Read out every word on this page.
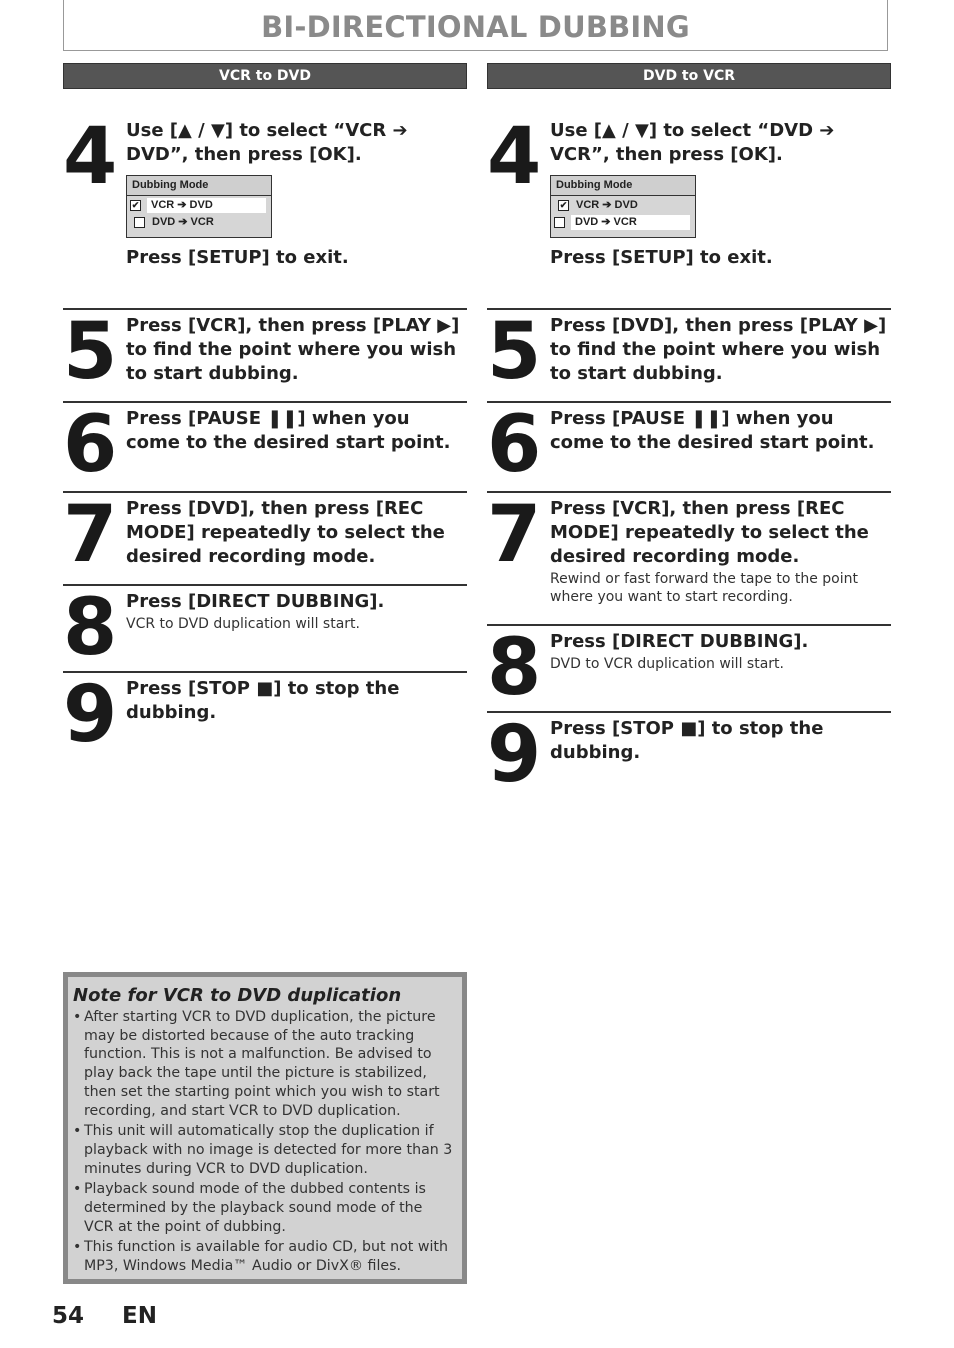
BI-DIRECTIONAL DUBBING
VCR to DVD
4 Use [▲ / ▼] to select “VCR ➔ DVD”, then press [OK].
Dubbing Mode
✔ VCR ➔ DVD
DVD ➔ VCR
Press [SETUP] to exit.
5 Press [VCR], then press [PLAY ▶] to find the point where you wish to start dubbing.
6 Press [PAUSE ❚❚] when you come to the desired start point.
7 Press [DVD], then press [REC MODE] repeatedly to select the desired recording mode.
8 Press [DIRECT DUBBING].
VCR to DVD duplication will start.
9 Press [STOP ■] to stop the dubbing.
DVD to VCR
4 Use [▲ / ▼] to select “DVD ➔ VCR”, then press [OK].
Dubbing Mode
✔ VCR ➔ DVD
DVD ➔ VCR
Press [SETUP] to exit.
5 Press [DVD], then press [PLAY ▶] to find the point where you wish to start dubbing.
6 Press [PAUSE ❚❚] when you come to the desired start point.
7 Press [VCR], then press [REC MODE] repeatedly to select the desired recording mode.
Rewind or fast forward the tape to the point where you want to start recording.
8 Press [DIRECT DUBBING].
DVD to VCR duplication will start.
9 Press [STOP ■] to stop the dubbing.
Note for VCR to DVD duplication
• After starting VCR to DVD duplication, the picture may be distorted because of the auto tracking function. This is not a malfunction. Be advised to play back the tape until the picture is stabilized, then set the starting point which you wish to start recording, and start VCR to DVD duplication.
• This unit will automatically stop the duplication if playback with no image is detected for more than 3 minutes during VCR to DVD duplication.
• Playback sound mode of the dubbed contents is determined by the playback sound mode of the VCR at the point of dubbing.
• This function is available for audio CD, but not with MP3, Windows Media™ Audio or DivX® files.
54 EN
